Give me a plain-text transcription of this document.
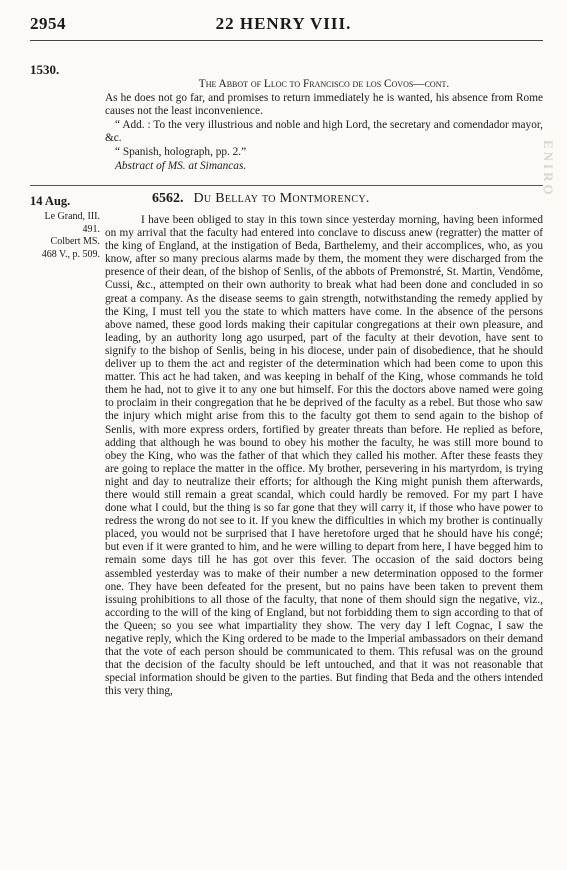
2954	22 HENRY VIII.
1530.

The Abbot of Lloc to Francisco de los Covos—cont.

As he does not go far, and promises to return immediately he is wanted, his absence from Rome causes not the least inconvenience.

“ Add. : To the very illustrious and noble and high Lord, the secretary and comendador mayor, &c.

“ Spanish, holograph, pp. 2.”

Abstract of MS. at Simancas.

14 Aug.
Le Grand, III.
491.
Colbert MS.
468 V., p. 509.
6562. Du Bellay to Montmorency.

I have been obliged to stay in this town since yesterday morning, having been informed on my arrival that the faculty had entered into conclave to discuss anew (regratter) the matter of the king of England, at the instigation of Beda, Barthelemy, and their accomplices, who, as you know, after so many precious alarms made by them, the moment they were discharged from the presence of their dean, of the bishop of Senlis, of the abbots of Premonstré, St. Martin, Vendôme, Cussi, &c., attempted on their own authority to break what had been done and concluded in so great a company. As the disease seems to gain strength, notwithstanding the remedy applied by the King, I must tell you the state to which matters have come. In the absence of the persons above named, these good lords making their capitular congregations at their own pleasure, and leading, by an authority long ago usurped, part of the faculty at their devotion, have sent to signify to the bishop of Senlis, being in his diocese, under pain of disobedience, that he should deliver up to them the act and register of the determination which had been come to upon this matter. This act he had taken, and was keeping in behalf of the King, whose commands he told them he had, not to give it to any one but himself. For this the doctors above named were going to proclaim in their congregation that he be deprived of the faculty as a rebel. But those who saw the injury which might arise from this to the faculty got them to send again to the bishop of Senlis, with more express orders, fortified by greater threats than before. He replied as before, adding that although he was bound to obey his mother the faculty, he was still more bound to obey the King, who was the father of that which they called his mother. After these feasts they are going to replace the matter in the office. My brother, persevering in his martyrdom, is trying night and day to neutralize their efforts; for although the King might punish them afterwards, there would still remain a great scandal, which could hardly be removed. For my part I have done what I could, but the thing is so far gone that they will carry it, if those who have power to redress the wrong do not see to it. If you knew the difficulties in which my brother is continually placed, you would not be surprised that I have heretofore urged that he should have his congé; but even if it were granted to him, and he were willing to depart from here, I have begged him to remain some days till he has got over this fever. The occasion of the said doctors being assembled yesterday was to make of their number a new determination opposed to the former one. They have been defeated for the present, but no pains have been taken to prevent them issuing prohibitions to all those of the faculty, that none of them should sign the negative, viz., according to the will of the king of England, but not forbidding them to sign according to that of the Queen; so you see what impartiality they show. The very day I left Cognac, I saw the negative reply, which the King ordered to be made to the Imperial ambassadors on their demand that the vote of each person should be communicated to them. This refusal was on the ground that the decision of the faculty should be left untouched, and that it was not reasonable that special information should be given to the parties. But finding that Beda and the others intended this very thing,

ENIRO
